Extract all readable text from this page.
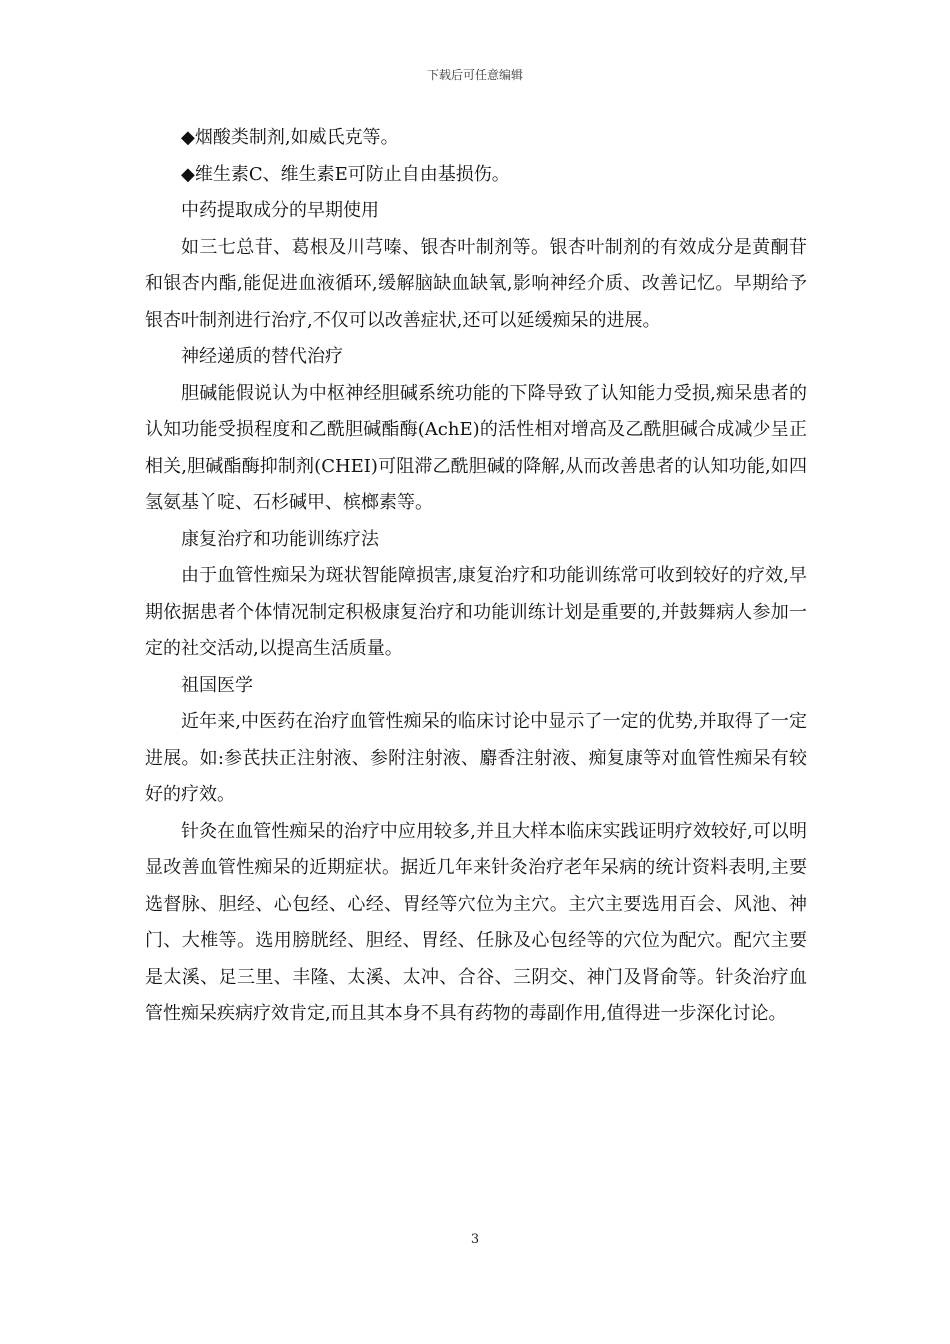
下载后可任意编辑

◆烟酸类制剂,如威氏克等。

◆维生素C、维生素E可防止自由基损伤。

中药提取成分的早期使用

如三七总苷、葛根及川芎嗪、银杏叶制剂等。银杏叶制剂的有效成分是黄酮苷和银杏内酯,能促进血液循环,缓解脑缺血缺氧,影响神经介质、改善记忆。早期给予银杏叶制剂进行治疗,不仅可以改善症状,还可以延缓痴呆的进展。

神经递质的替代治疗

胆碱能假说认为中枢神经胆碱系统功能的下降导致了认知能力受损,痴呆患者的认知功能受损程度和乙酰胆碱酯酶(AchE)的活性相对增高及乙酰胆碱合成减少呈正相关,胆碱酯酶抑制剂(CHEI)可阻滞乙酰胆碱的降解,从而改善患者的认知功能,如四氢氨基丫啶、石杉碱甲、槟榔素等。

康复治疗和功能训练疗法

由于血管性痴呆为斑状智能障损害,康复治疗和功能训练常可收到较好的疗效,早期依据患者个体情况制定积极康复治疗和功能训练计划是重要的,并鼓舞病人参加一定的社交活动,以提高生活质量。

祖国医学

近年来,中医药在治疗血管性痴呆的临床讨论中显示了一定的优势,并取得了一定进展。如:参芪扶正注射液、参附注射液、麝香注射液、痴复康等对血管性痴呆有较好的疗效。

针灸在血管性痴呆的治疗中应用较多,并且大样本临床实践证明疗效较好,可以明显改善血管性痴呆的近期症状。据近几年来针灸治疗老年呆病的统计资料表明,主要选督脉、胆经、心包经、心经、胃经等穴位为主穴。主穴主要选用百会、风池、神门、大椎等。选用膀胱经、胆经、胃经、任脉及心包经等的穴位为配穴。配穴主要是太溪、足三里、丰隆、太溪、太冲、合谷、三阴交、神门及肾俞等。针灸治疗血管性痴呆疾病疗效肯定,而且其本身不具有药物的毒副作用,值得进一步深化讨论。

3
